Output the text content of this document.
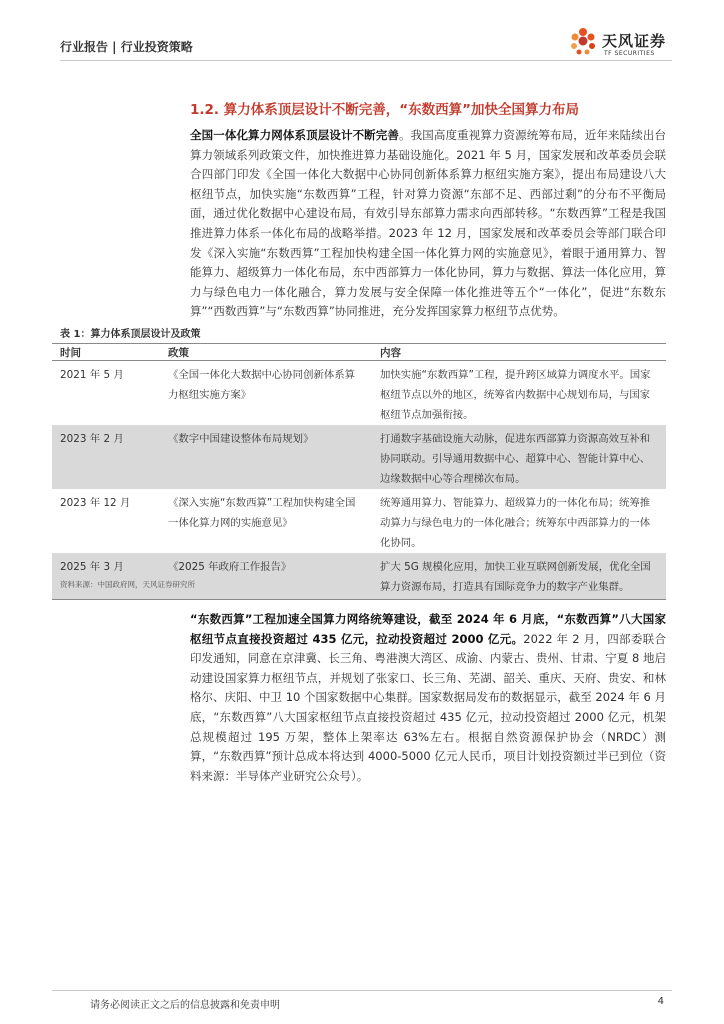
行业报告 | 行业投资策略	天风证券
TF SECURITIES
1.2. 算力体系顶层设计不断完善，“东数西算”加快全国算力布局

全国一体化算力网体系顶层设计不断完善。我国高度重视算力资源统筹布局，近年来陆续出台算力领域系列政策文件，加快推进算力基础设施化。2021 年 5 月，国家发展和改革委员会联合四部门印发《全国一体化大数据中心协同创新体系算力枢纽实施方案》，提出布局建设八大枢纽节点，加快实施“东数西算”工程，针对算力资源“东部不足、西部过剩”的分布不平衡局面，通过优化数据中心建设布局，有效引导东部算力需求向西部转移。“东数西算”工程是我国推进算力体系一体化布局的战略举措。2023 年 12 月，国家发展和改革委员会等部门联合印发《深入实施“东数西算”工程加快构建全国一体化算力网的实施意见》，着眼于通用算力、智能算力、超级算力一体化布局，东中西部算力一体化协同，算力与数据、算法一体化应用，算力与绿色电力一体化融合，算力发展与安全保障一体化推进等五个“一体化”，促进“东数东算”“西数西算”与“东数西算”协同推进，充分发挥国家算力枢纽节点优势。

表 1：算力体系顶层设计及政策
时间	政策	内容
2021 年 5 月	《全国一体化大数据中心协同创新体系算力枢纽实施方案》	加快实施“东数西算”工程，提升跨区域算力调度水平。国家枢纽节点以外的地区，统筹省内数据中心规划布局，与国家枢纽节点加强衔接。
2023 年 2 月	《数字中国建设整体布局规划》	打通数字基础设施大动脉，促进东西部算力资源高效互补和协同联动。引导通用数据中心、超算中心、智能计算中心、边缘数据中心等合理梯次布局。
2023 年 12 月	《深入实施“东数西算”工程加快构建全国一体化算力网的实施意见》	统筹通用算力、智能算力、超级算力的一体化布局；统筹推动算力与绿色电力的一体化融合；统筹东中西部算力的一体化协同。
2025 年 3 月	《2025 年政府工作报告》	扩大 5G 规模化应用，加快工业互联网创新发展，优化全国算力资源布局，打造具有国际竞争力的数字产业集群。
资料来源：中国政府网，天风证券研究所

“东数西算”工程加速全国算力网络统筹建设，截至 2024 年 6 月底，“东数西算”八大国家枢纽节点直接投资超过 435 亿元，拉动投资超过 2000 亿元。2022 年 2 月，四部委联合印发通知，同意在京津冀、长三角、粤港澳大湾区、成渝、内蒙古、贵州、甘肃、宁夏 8 地启动建设国家算力枢纽节点，并规划了张家口、长三角、芜湖、韶关、重庆、天府、贵安、和林格尔、庆阳、中卫 10 个国家数据中心集群。国家数据局发布的数据显示，截至 2024 年 6 月底，“东数西算”八大国家枢纽节点直接投资超过 435 亿元，拉动投资超过 2000 亿元，机架总规模超过 195 万架，整体上架率达 63%左右。根据自然资源保护协会（NRDC）测算，“东数西算”预计总成本将达到 4000-5000 亿元人民币，项目计划投资额过半已到位（资料来源：半导体产业研究公众号）。

请务必阅读正文之后的信息披露和免责申明	4
